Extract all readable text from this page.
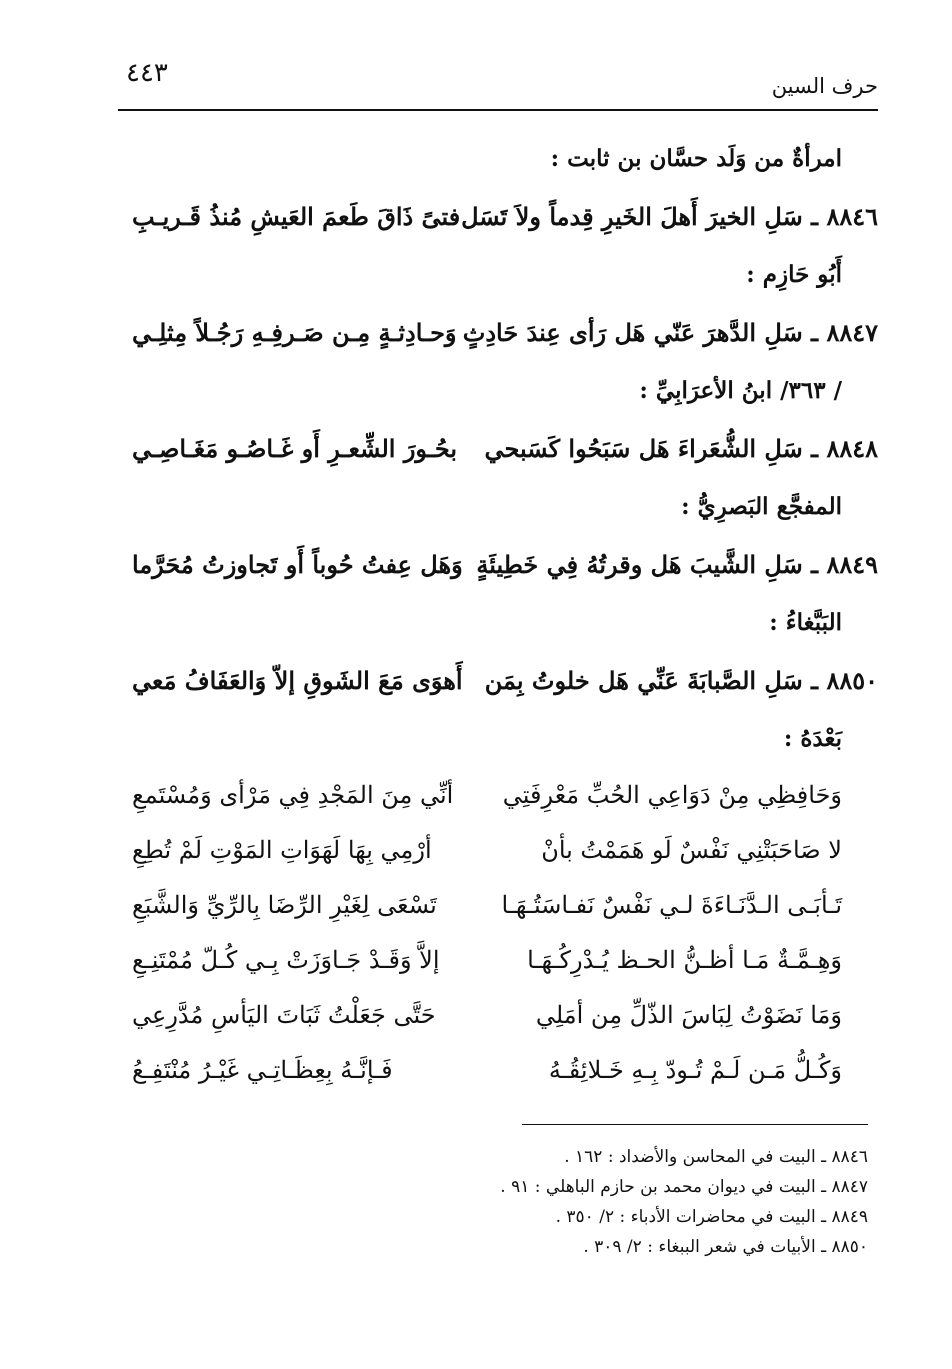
حرف السين
٤٤٣
امرأةٌ من وَلَد حسَّان بن ثابت :
٨٨٤٦ ـ سَلِ الخيرَ أَهلَ الخَيرِ قِدماً ولاَ تَسَل
فتىً ذَاقَ طَعمَ العَيشِ مُنذُ قَـريـبِ
أَبُو حَازِم :
٨٨٤٧ ـ سَلِ الدَّهرَ عَنّي هَل رَأى عِندَ حَادِثٍ
وَحـادِثـةٍ مِـن صَـرفِـهِ رَجُـلاً مِثلِـي
/ ٣٦٣/ ابنُ الأعرَابِيِّ :
٨٨٤٨ ـ سَلِ الشُّعَراءَ هَل سَبَحُوا كَسَبحي
بحُـورَ الشِّعـرِ أَو غَـاصُـو مَغَـاصِـي
المفجَّع البَصرِيُّ :
٨٨٤٩ ـ سَلِ الشَّيبَ هَل وقرتُهُ فِي خَطِيئَةٍ
وَهَل عِفتُ حُوباً أَو تَجاوزتُ مُحَرَّما
البَبَّغاءُ :
٨٨٥٠ ـ سَلِ الصَّبابَةَ عَنِّي هَل خلوتُ بِمَن
أَهوَى مَعَ الشَوقِ إلاّ وَالعَفَافُ مَعي
بَعْدَهُ :
وَحَافِظِي مِنْ دَوَاعِي الحُبِّ مَعْرِفَتِي
أنِّي مِنَ المَجْدِ فِي مَرْأى وَمُسْتَمعِ
لا صَاحَبَتْنِي نَفْسٌ لَو هَمَمْتُ بأنْ
أرْمِي بِهَا لَهَوَاتِ المَوْتِ لَمْ تُطِعِ
تَـأبَـى الـدَّنَـاءَةَ لـي نَفْسٌ نَفـاسَتُـهَـا
تَسْعَى لِغَيْرِ الرِّضَا بِالرِّيِّ وَالشَّبَعِ
وَهِـمَّـةٌ مَـا أظـنُّ الحـظ يُـدْرِكُـهَـا
إلاَّ وَقَـدْ جَـاوَزَتْ بِـي كُـلّ مُمْتَنِـعِ
وَمَا نَضَوْتُ لِبَاسَ الذّلِّ مِن أمَلِي
حَتَّى جَعَلْتُ ثَبَاتَ اليَأسِ مُدَّرِعِي
وَكُـلُّ مَـن لَـمْ تُـودّ بِـهِ خَـلائِقُـهُ
فَـإنَّـهُ بِعِظَـاتِـي غَيْـرُ مُنْتَفِـعُ
٨٨٤٦ ـ البيت في المحاسن والأضداد : ١٦٢ .
٨٨٤٧ ـ البيت في ديوان محمد بن حازم الباهلي : ٩١ .
٨٨٤٩ ـ البيت في محاضرات الأدباء : ٢/ ٣٥٠ .
٨٨٥٠ ـ الأبيات في شعر الببغاء : ٢/ ٣٠٩ .
